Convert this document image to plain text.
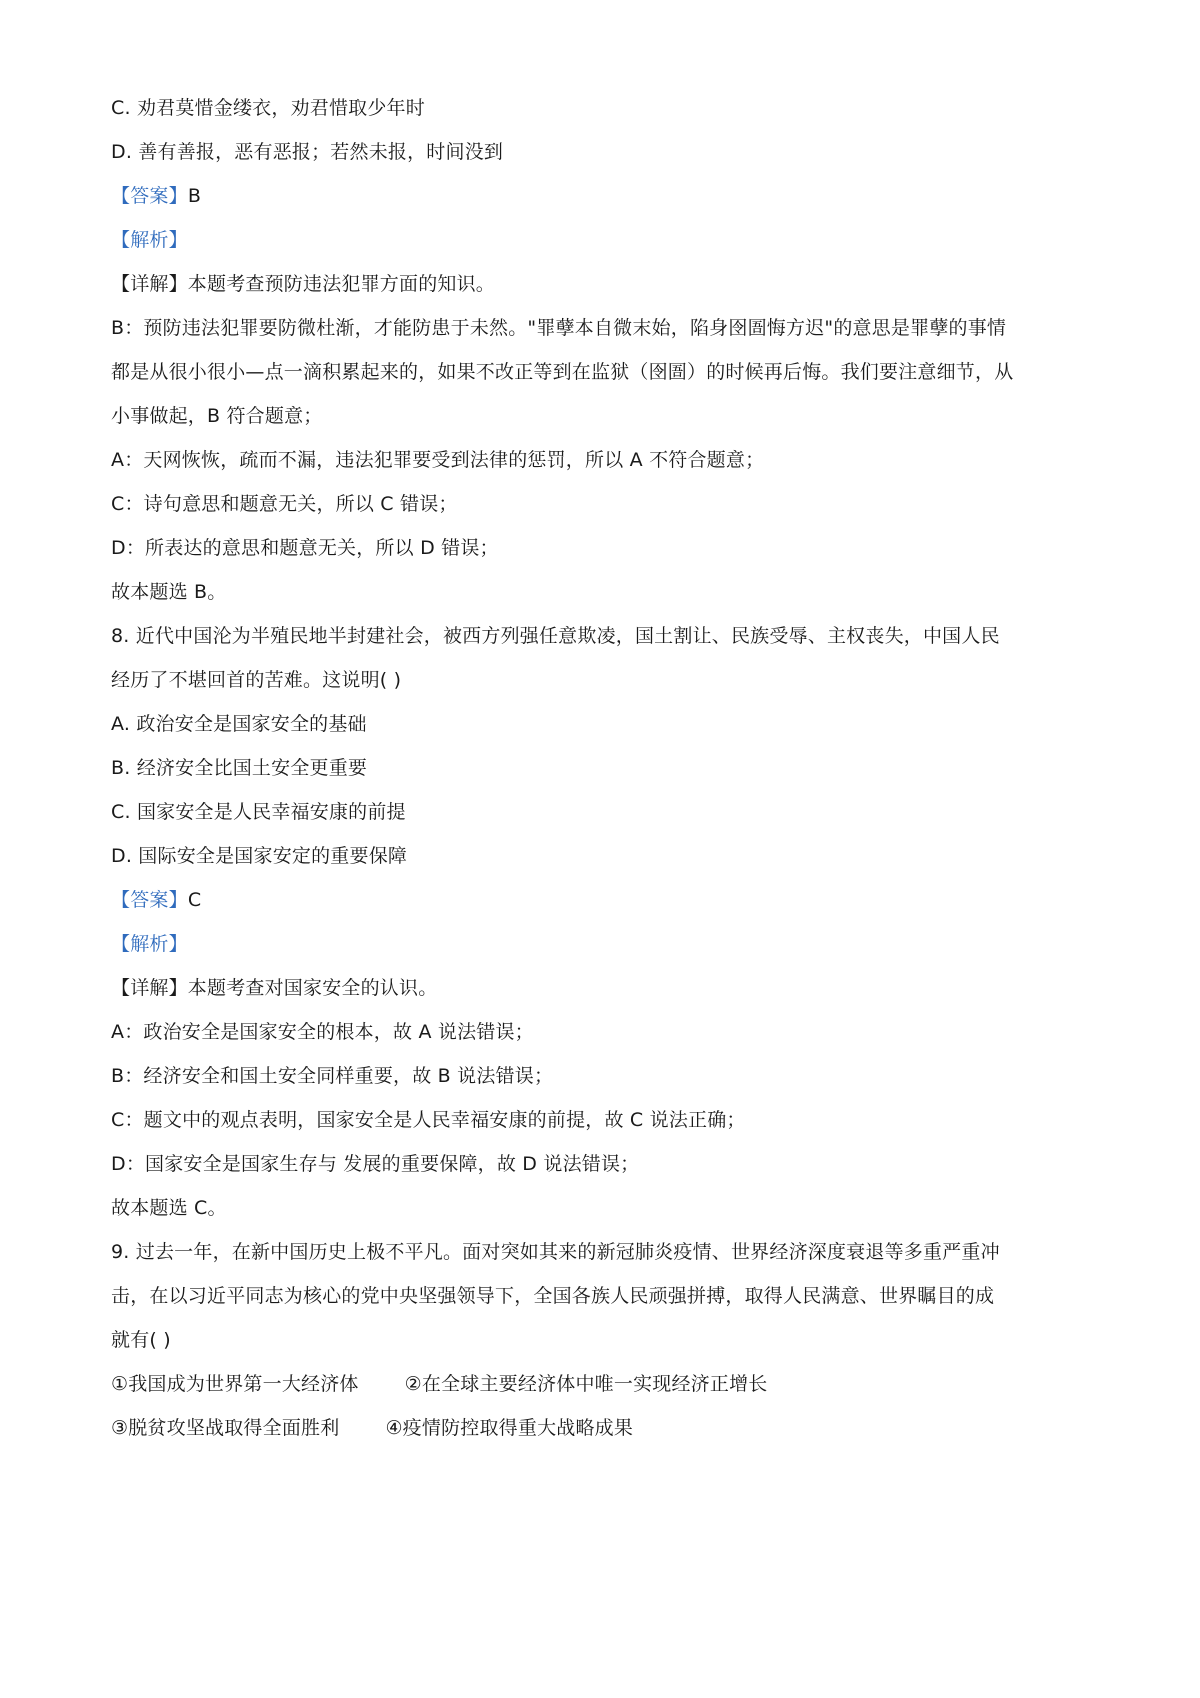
C. 劝君莫惜金缕衣，劝君惜取少年时
D. 善有善报，恶有恶报；若然未报，时间没到
【答案】B
【解析】
【详解】本题考查预防违法犯罪方面的知识。
B：预防违法犯罪要防微杜渐，才能防患于未然。"罪孽本自微末始，陷身囹圄悔方迟"的意思是罪孽的事情
都是从很小很小—点一滴积累起来的，如果不改正等到在监狱（囹圄）的时候再后悔。我们要注意细节，从
小事做起，B 符合题意；
A：天网恢恢，疏而不漏，违法犯罪要受到法律的惩罚，所以 A 不符合题意；
C：诗句意思和题意无关，所以 C 错误；
D：所表达的意思和题意无关，所以 D 错误；
故本题选 B。
8. 近代中国沦为半殖民地半封建社会，被西方列强任意欺凌，国土割让、民族受辱、主权丧失，中国人民
经历了不堪回首的苦难。这说明( )
A. 政治安全是国家安全的基础
B. 经济安全比国土安全更重要
C. 国家安全是人民幸福安康的前提
D. 国际安全是国家安定的重要保障
【答案】C
【解析】
【详解】本题考查对国家安全的认识。
A：政治安全是国家安全的根本，故 A 说法错误；
B：经济安全和国土安全同样重要，故 B 说法错误；
C：题文中的观点表明，国家安全是人民幸福安康的前提，故 C 说法正确；
D：国家安全是国家生存与 发展的重要保障，故 D 说法错误；
故本题选 C。
9. 过去一年，在新中国历史上极不平凡。面对突如其来的新冠肺炎疫情、世界经济深度衰退等多重严重冲
击，在以习近平同志为核心的党中央坚强领导下，全国各族人民顽强拼搏，取得人民满意、世界瞩目的成
就有( )
①我国成为世界第一大经济体 ②在全球主要经济体中唯一实现经济正增长
③脱贫攻坚战取得全面胜利 ④疫情防控取得重大战略成果
